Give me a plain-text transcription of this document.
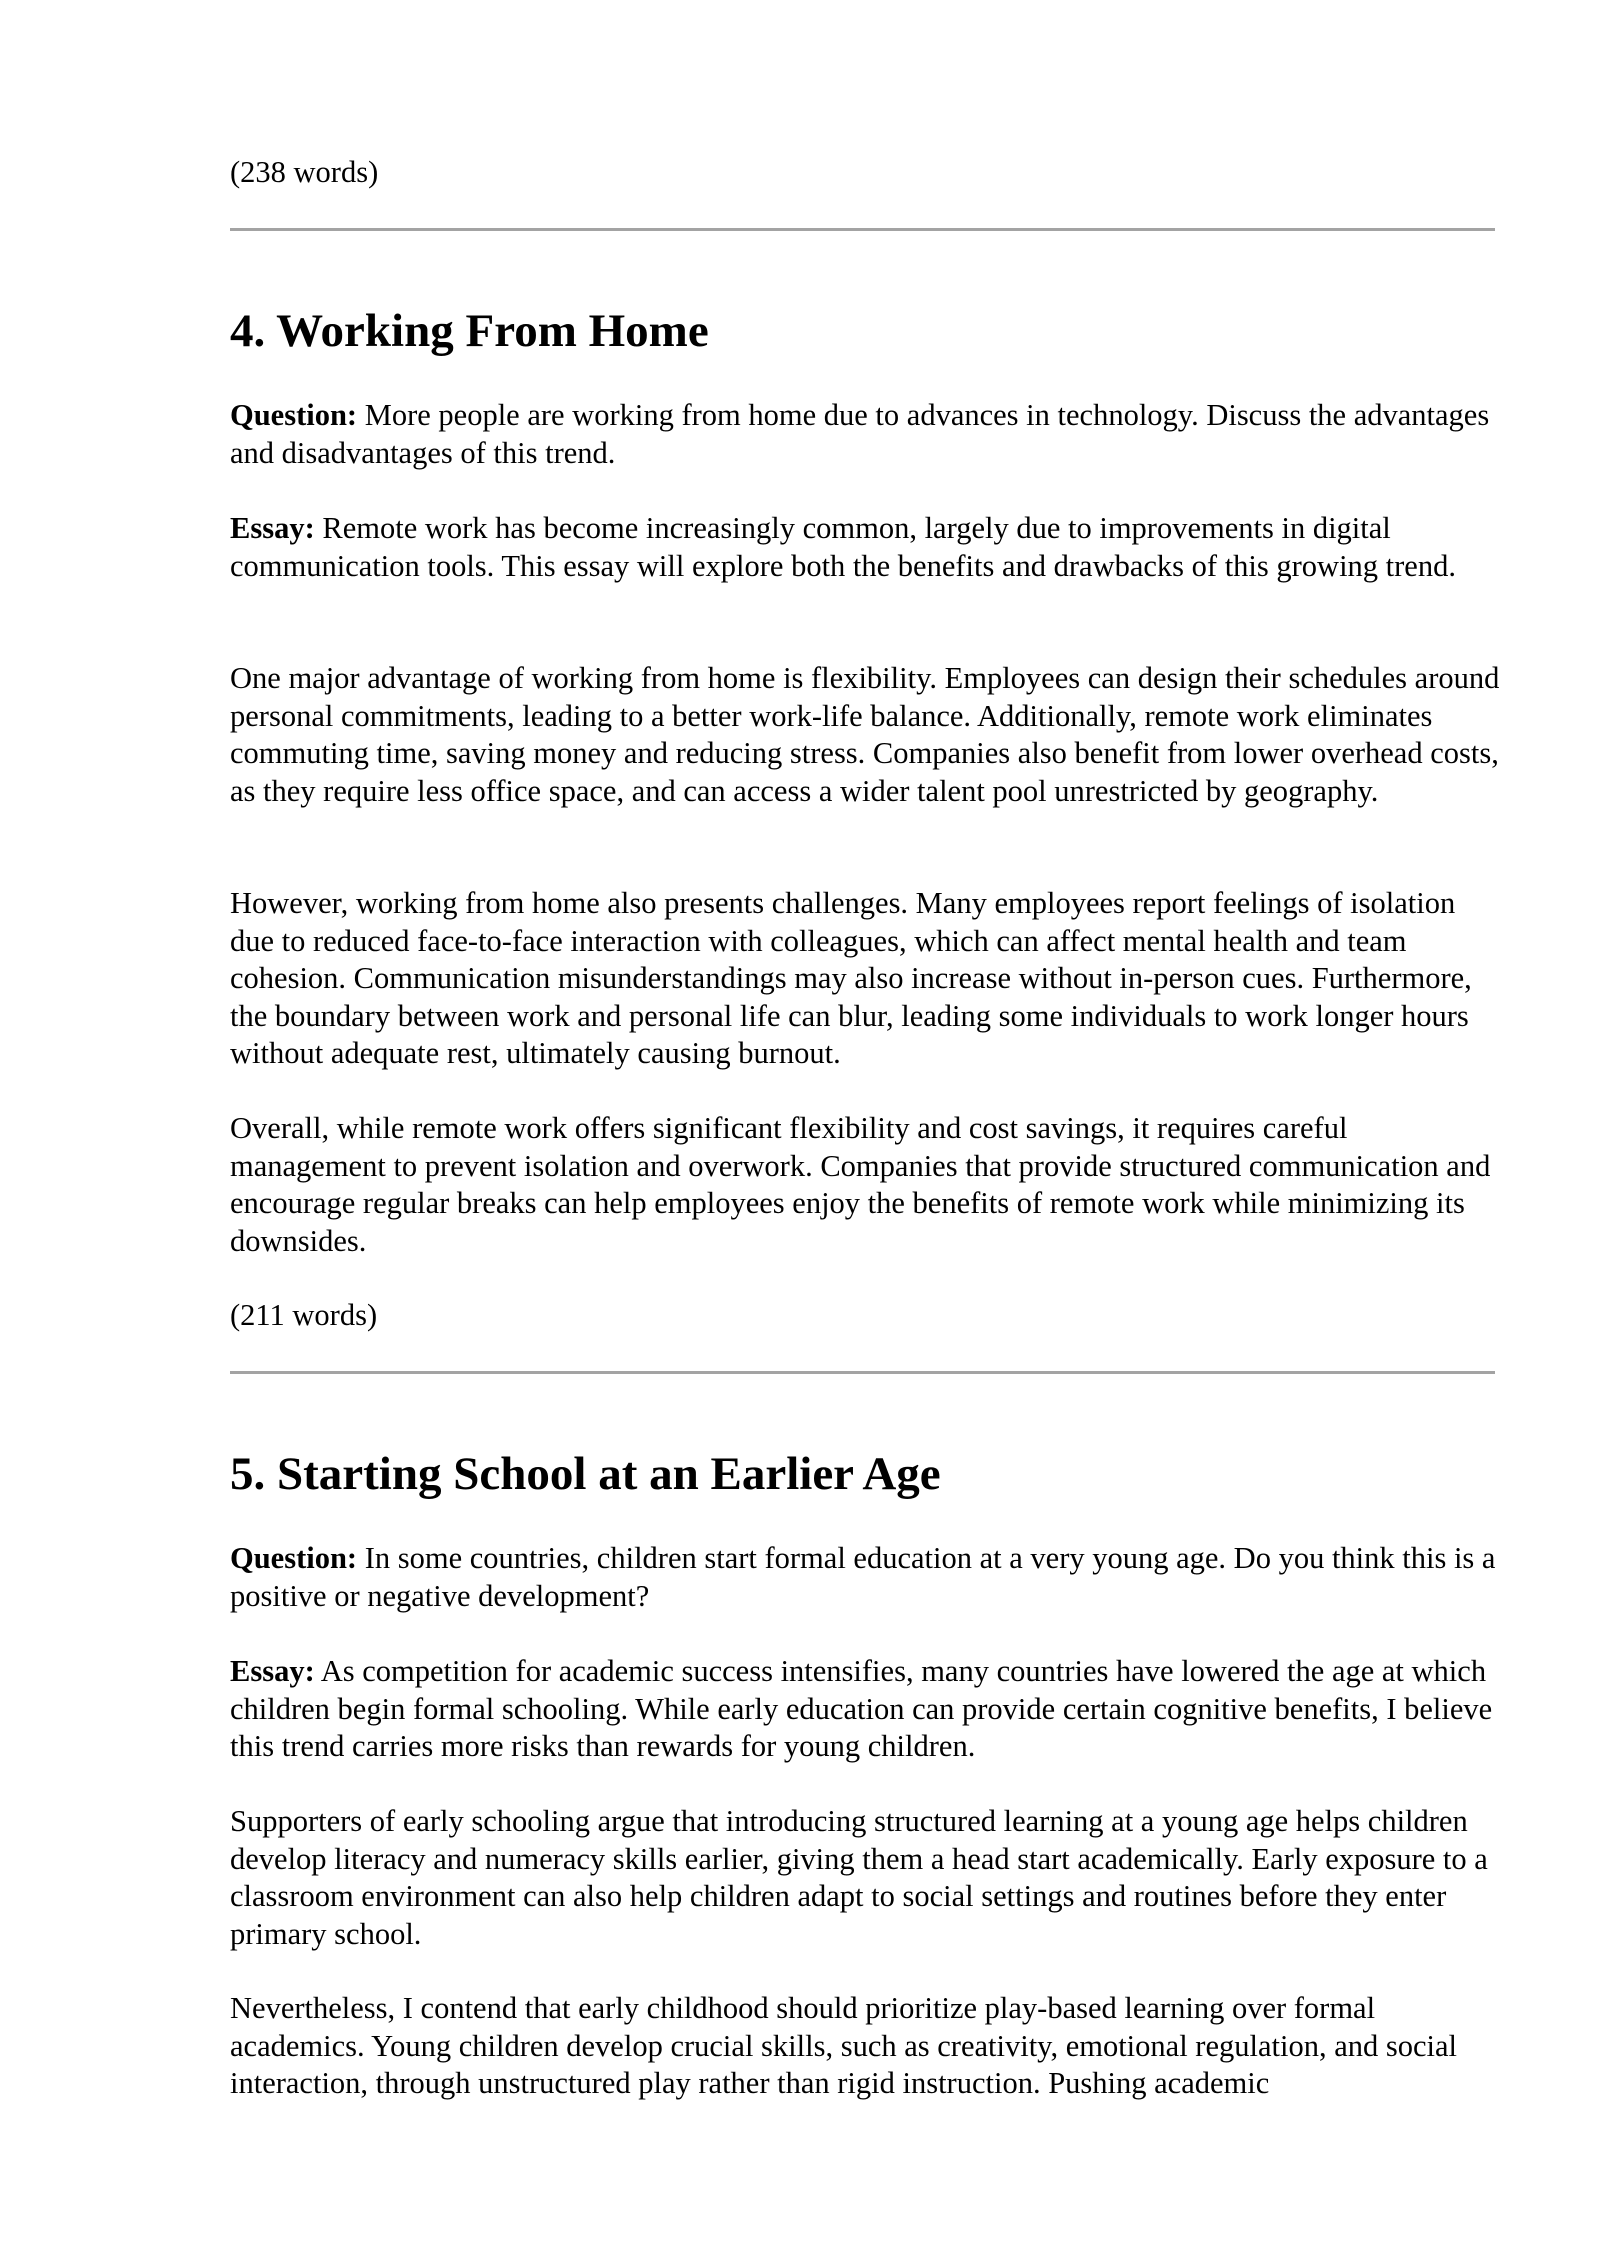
(238 words)

4. Working From Home

Question: More people are working from home due to advances in technology. Discuss the advantages and disadvantages of this trend.

Essay: Remote work has become increasingly common, largely due to improvements in digital communication tools. This essay will explore both the benefits and drawbacks of this growing trend.

One major advantage of working from home is flexibility. Employees can design their schedules around personal commitments, leading to a better work-life balance. Additionally, remote work eliminates commuting time, saving money and reducing stress. Companies also benefit from lower overhead costs, as they require less office space, and can access a wider talent pool unrestricted by geography.

However, working from home also presents challenges. Many employees report feelings of isolation due to reduced face-to-face interaction with colleagues, which can affect mental health and team cohesion. Communication misunderstandings may also increase without in-person cues. Furthermore, the boundary between work and personal life can blur, leading some individuals to work longer hours without adequate rest, ultimately causing burnout.

Overall, while remote work offers significant flexibility and cost savings, it requires careful management to prevent isolation and overwork. Companies that provide structured communication and encourage regular breaks can help employees enjoy the benefits of remote work while minimizing its downsides.

(211 words)

5. Starting School at an Earlier Age

Question: In some countries, children start formal education at a very young age. Do you think this is a positive or negative development?

Essay: As competition for academic success intensifies, many countries have lowered the age at which children begin formal schooling. While early education can provide certain cognitive benefits, I believe this trend carries more risks than rewards for young children.

Supporters of early schooling argue that introducing structured learning at a young age helps children develop literacy and numeracy skills earlier, giving them a head start academically. Early exposure to a classroom environment can also help children adapt to social settings and routines before they enter primary school.

Nevertheless, I contend that early childhood should prioritize play-based learning over formal academics. Young children develop crucial skills, such as creativity, emotional regulation, and social interaction, through unstructured play rather than rigid instruction. Pushing academic
